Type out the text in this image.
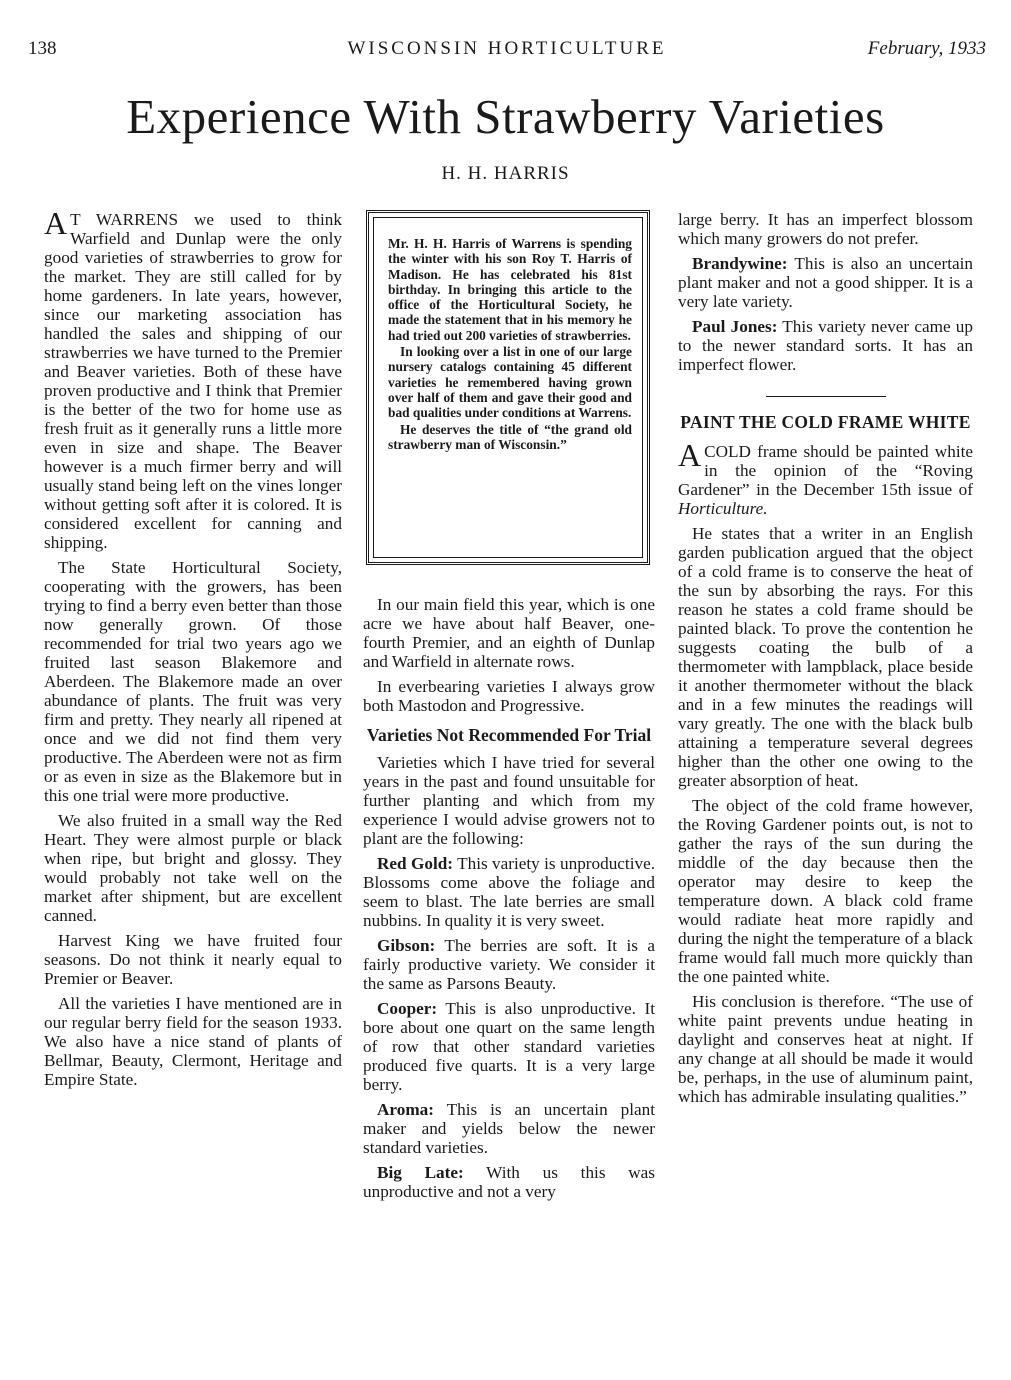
WISCONSIN HORTICULTURE
138	February, 1933
Experience With Strawberry Varieties
H. H. HARRIS

A T WARRENS we used to think Warfield and Dunlap were the only good varieties of strawberries to grow for the market. They are still called for by home gardeners. In late years, however, since our marketing association has handled the sales and shipping of our strawberries we have turned to the Premier and Beaver varieties. Both of these have proven productive and I think that Premier is the better of the two for home use as fresh fruit as it generally runs a little more even in size and shape. The Beaver however is a much firmer berry and will usually stand being left on the vines longer without getting soft after it is colored. It is considered excellent for canning and shipping.

The State Horticultural Society, cooperating with the growers, has been trying to find a berry even better than those now generally grown. Of those recommended for trial two years ago we fruited last season Blakemore and Aberdeen. The Blakemore made an over abundance of plants. The fruit was very firm and pretty. They nearly all ripened at once and we did not find them very productive. The Aberdeen were not as firm or as even in size as the Blakemore but in this one trial were more productive.

We also fruited in a small way the Red Heart. They were almost purple or black when ripe, but bright and glossy. They would probably not take well on the market after shipment, but are excellent canned.

Harvest King we have fruited four seasons. Do not think it nearly equal to Premier or Beaver.

All the varieties I have mentioned are in our regular berry field for the season 1933. We also have a nice stand of plants of Bellmar, Beauty, Clermont, Heritage and Empire State.

Mr. H. H. Harris of Warrens is spending the winter with his son Roy T. Harris of Madison. He has celebrated his 81st birthday. In bringing this article to the office of the Horticultural Society, he made the statement that in his memory he had tried out 200 varieties of strawberries.

In looking over a list in one of our large nursery catalogs containing 45 different varieties he remembered having grown over half of them and gave their good and bad qualities under conditions at Warrens.

He deserves the title of “the grand old strawberry man of Wisconsin.”

In our main field this year, which is one acre we have about half Beaver, one-fourth Premier, and an eighth of Dunlap and Warfield in alternate rows.

In everbearing varieties I always grow both Mastodon and Progressive.

Varieties Not Recommended For Trial

Varieties which I have tried for several years in the past and found unsuitable for further planting and which from my experience I would advise growers not to plant are the following:

Red Gold: This variety is unproductive. Blossoms come above the foliage and seem to blast. The late berries are small nubbins. In quality it is very sweet.

Gibson: The berries are soft. It is a fairly productive variety. We consider it the same as Parsons Beauty.

Cooper: This is also unproductive. It bore about one quart on the same length of row that other standard varieties produced five quarts. It is a very large berry.

Aroma: This is an uncertain plant maker and yields below the newer standard varieties.

Big Late: With us this was unproductive and not a very

large berry. It has an imperfect blossom which many growers do not prefer.

Brandywine: This is also an uncertain plant maker and not a good shipper. It is a very late variety.

Paul Jones: This variety never came up to the newer standard sorts. It has an imperfect flower.

PAINT THE COLD FRAME WHITE

A COLD frame should be painted white in the opinion of the “Roving Gardener” in the December 15th issue of Horticulture.

He states that a writer in an English garden publication argued that the object of a cold frame is to conserve the heat of the sun by absorbing the rays. For this reason he states a cold frame should be painted black. To prove the contention he suggests coating the bulb of a thermometer with lampblack, place beside it another thermometer without the black and in a few minutes the readings will vary greatly. The one with the black bulb attaining a temperature several degrees higher than the other one owing to the greater absorption of heat.

The object of the cold frame however, the Roving Gardener points out, is not to gather the rays of the sun during the middle of the day because then the operator may desire to keep the temperature down. A black cold frame would radiate heat more rapidly and during the night the temperature of a black frame would fall much more quickly than the one painted white.

His conclusion is therefore. “The use of white paint prevents undue heating in daylight and conserves heat at night. If any change at all should be made it would be, perhaps, in the use of aluminum paint, which has admirable insulating qualities.”
